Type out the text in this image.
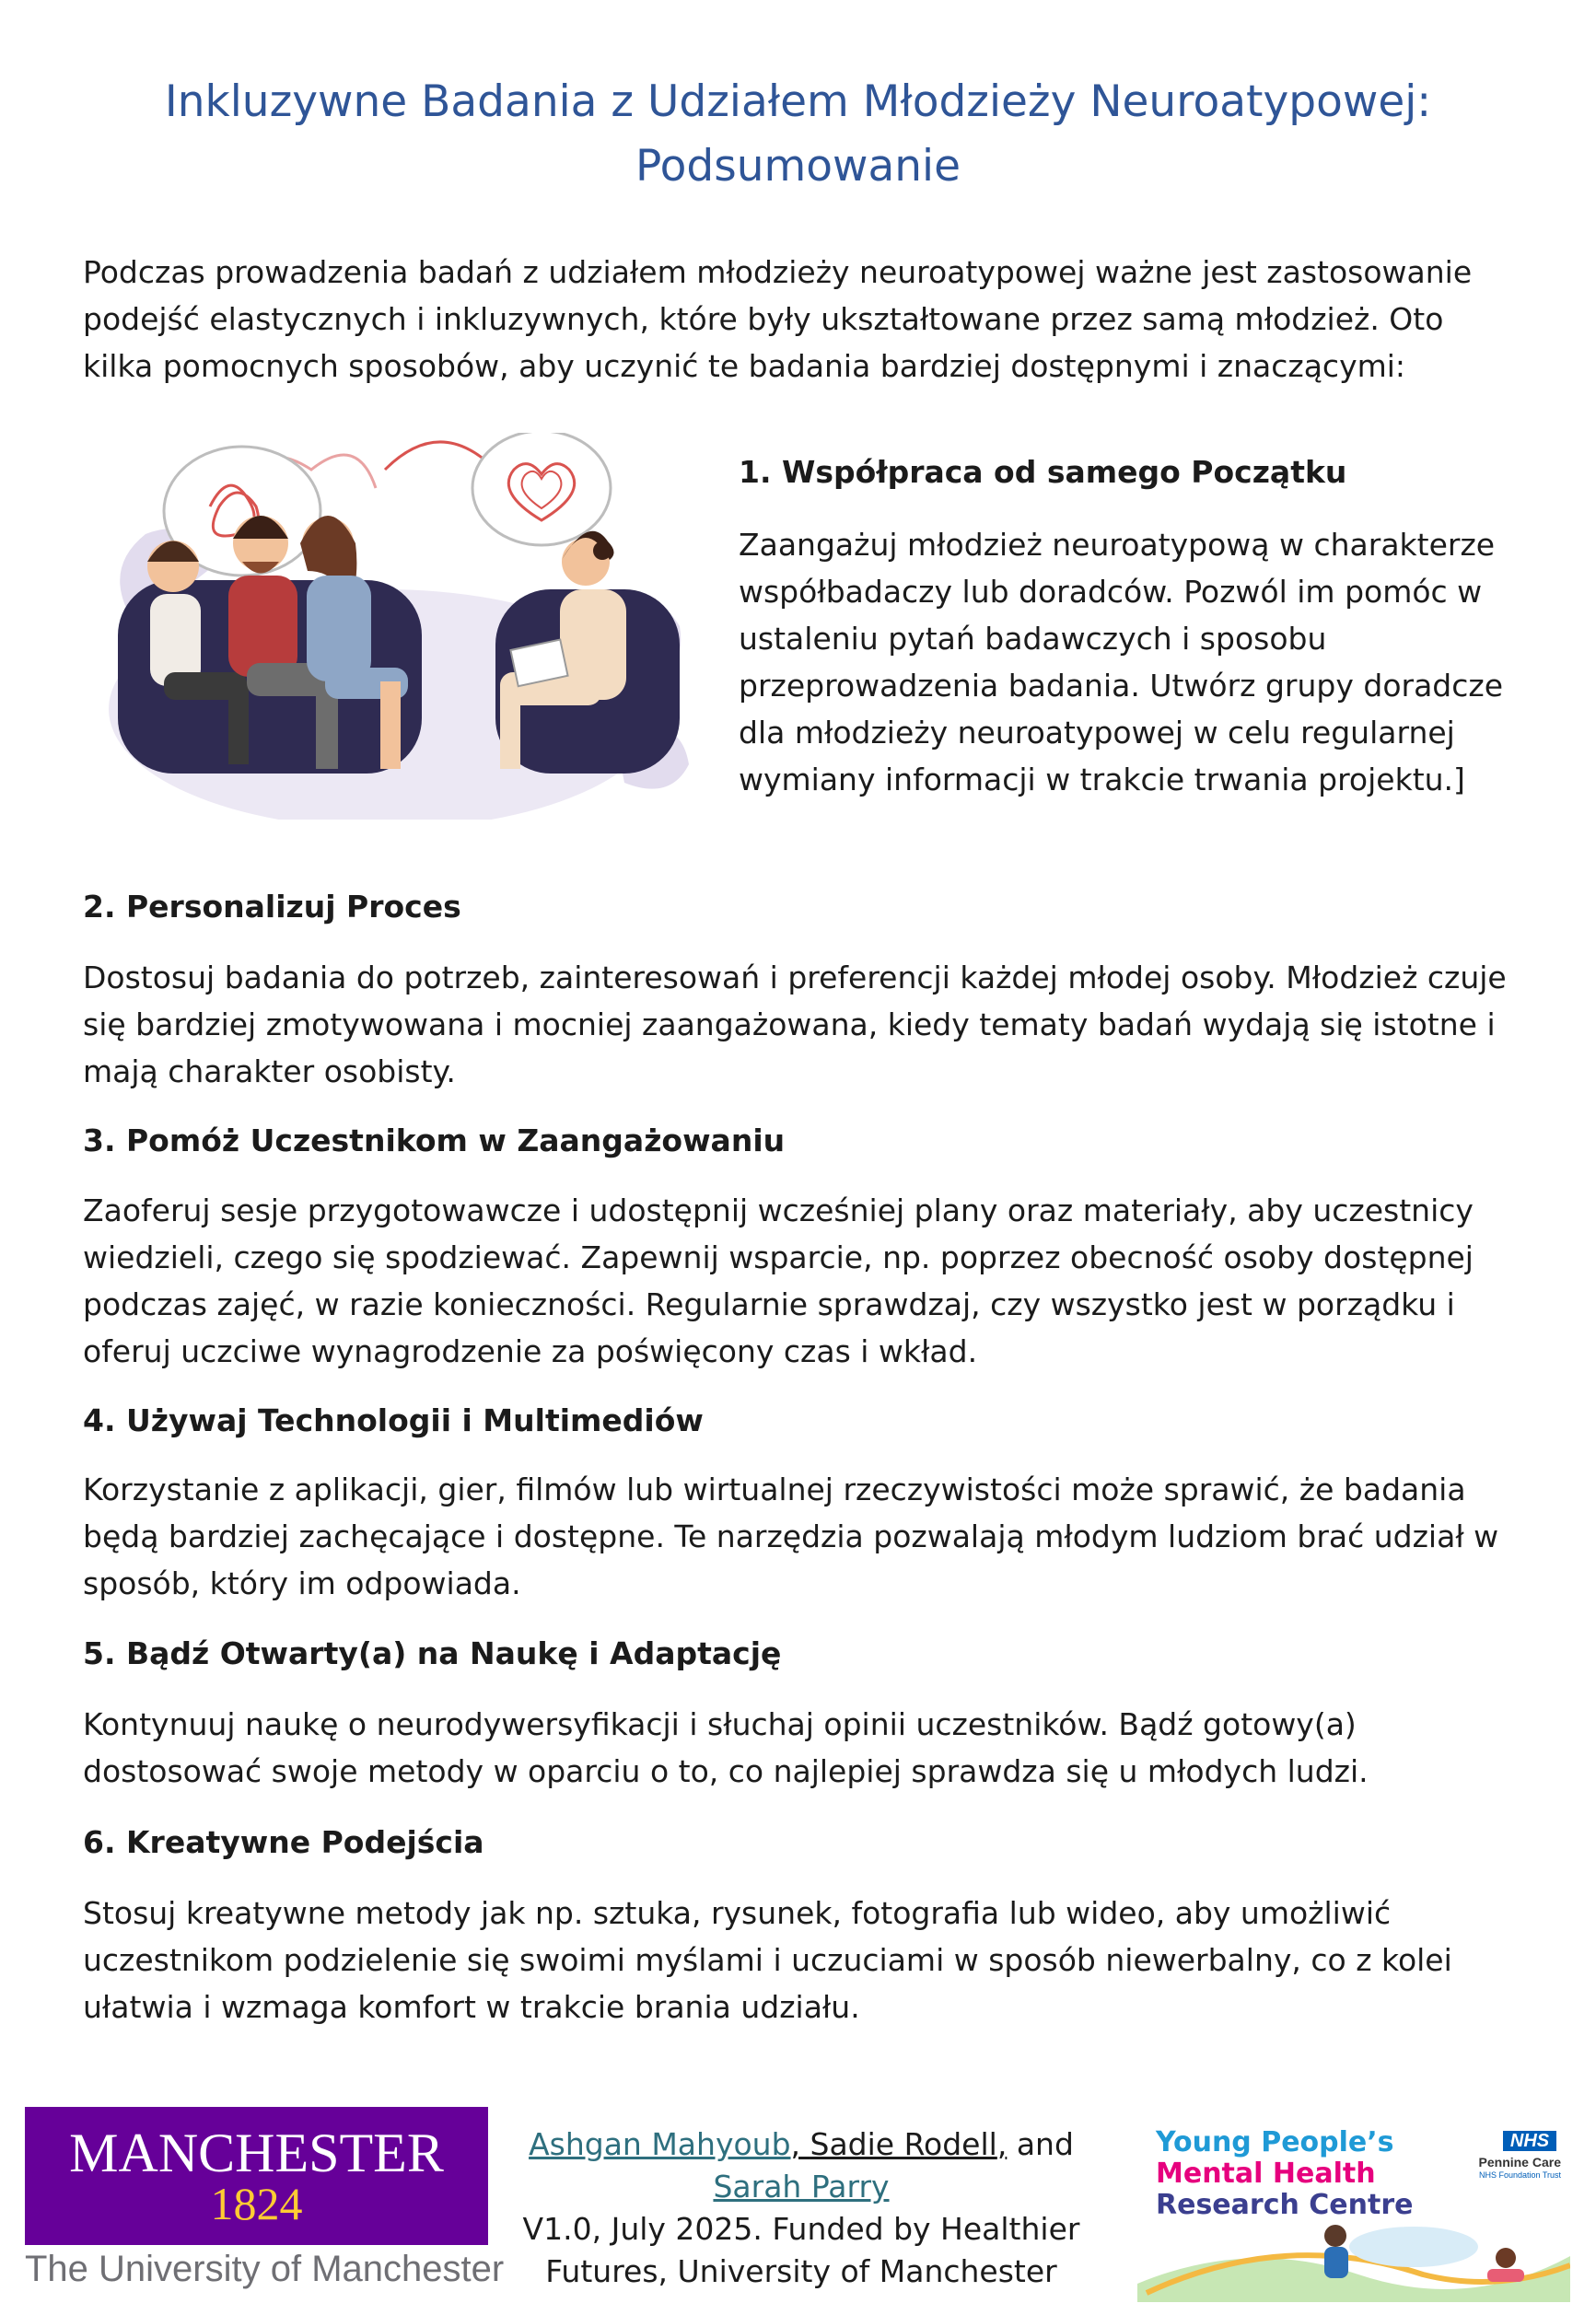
Inkluzywne Badania z Udziałem Młodzieży Neuroatypowej:
Podsumowanie

Podczas prowadzenia badań z udziałem młodzieży neuroatypowej ważne jest zastosowanie podejść elastycznych i inkluzywnych, które były ukształtowane przez samą młodzież. Oto kilka pomocnych sposobów, aby uczynić te badania bardziej dostępnymi i znaczącymi:

1. Współpraca od samego Początku

Zaangażuj młodzież neuroatypową w charakterze współbadaczy lub doradców. Pozwól im pomóc w ustaleniu pytań badawczych i sposobu przeprowadzenia badania. Utwórz grupy doradcze dla młodzieży neuroatypowej w celu regularnej wymiany informacji w trakcie trwania projektu.]

2. Personalizuj Proces

Dostosuj badania do potrzeb, zainteresowań i preferencji każdej młodej osoby. Młodzież czuje się bardziej zmotywowana i mocniej zaangażowana, kiedy tematy badań wydają się istotne i mają charakter osobisty.

3. Pomóż Uczestnikom w Zaangażowaniu

Zaoferuj sesje przygotowawcze i udostępnij wcześniej plany oraz materiały, aby uczestnicy wiedzieli, czego się spodziewać. Zapewnij wsparcie, np. poprzez obecność osoby dostępnej podczas zajęć, w razie konieczności. Regularnie sprawdzaj, czy wszystko jest w porządku i oferuj uczciwe wynagrodzenie za poświęcony czas i wkład.

4. Używaj Technologii i Multimediów

Korzystanie z aplikacji, gier, filmów lub wirtualnej rzeczywistości może sprawić, że badania będą bardziej zachęcające i dostępne. Te narzędzia pozwalają młodym ludziom brać udział w sposób, który im odpowiada.

5. Bądź Otwarty(a) na Naukę i Adaptację

Kontynuuj naukę o neurodywersyfikacji i słuchaj opinii uczestników. Bądź gotowy(a) dostosować swoje metody w oparciu o to, co najlepiej sprawdza się u młodych ludzi.

6. Kreatywne Podejścia

Stosuj kreatywne metody jak np. sztuka, rysunek, fotografia lub wideo, aby umożliwić uczestnikom podzielenie się swoimi myślami i uczuciami w sposób niewerbalny, co z kolei ułatwia i wzmaga komfort w trakcie brania udziału.

MANCHESTER
1824
The University of Manchester
Ashgan Mahyoub, Sadie Rodell, and Sarah Parry
V1.0, July 2025. Funded by Healthier Futures, University of Manchester
Young People’s
Mental Health
Research Centre
NHS
Pennine Care
NHS Foundation Trust
